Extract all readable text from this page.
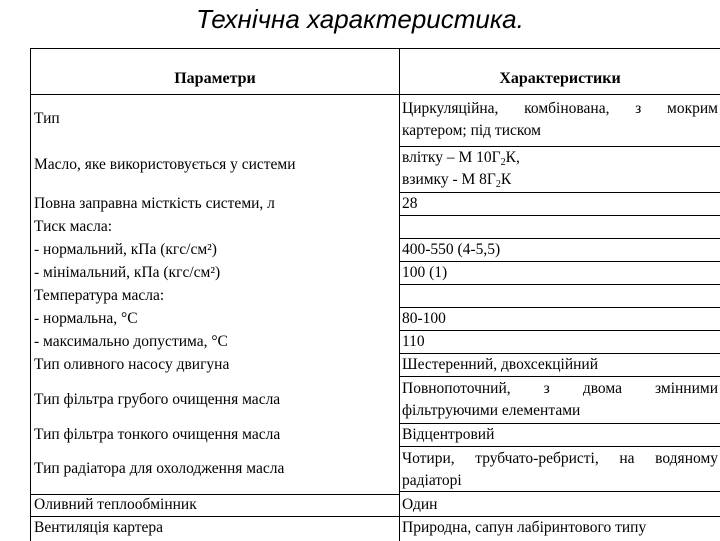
Технічна характеристика.
Параметри	Характеристики
Тип
Масло, яке використовується у системи
Повна заправна місткість системи, л
Тиск масла:
- нормальний, кПа (кгс/см²)
- мінімальний, кПа (кгс/см²)
Температура масла:
- нормальна, °С
- максимально допустима, °С
Тип оливного насосу двигуна
Тип фільтра грубого очищення масла
Тип фільтра тонкого очищення масла
Тип радіатора для охолодження масла
Оливний теплообмінник
Вентиляція картера
Циркуляційна, комбінована, з мокрим
картером; під тиском
влітку – М $10Г_2К$,
взимку - М $8Г_2К$
28
400-550 (4-5,5)
100 (1)
80-100
110
Шестеренний, двохсекційний
Повнопоточний, з двома змінними
фільтруючими елементами
Відцентровий
Чотири, трубчато-ребристі, на водяному
радіаторі
Один
Природна, сапун лабіринтового типу
